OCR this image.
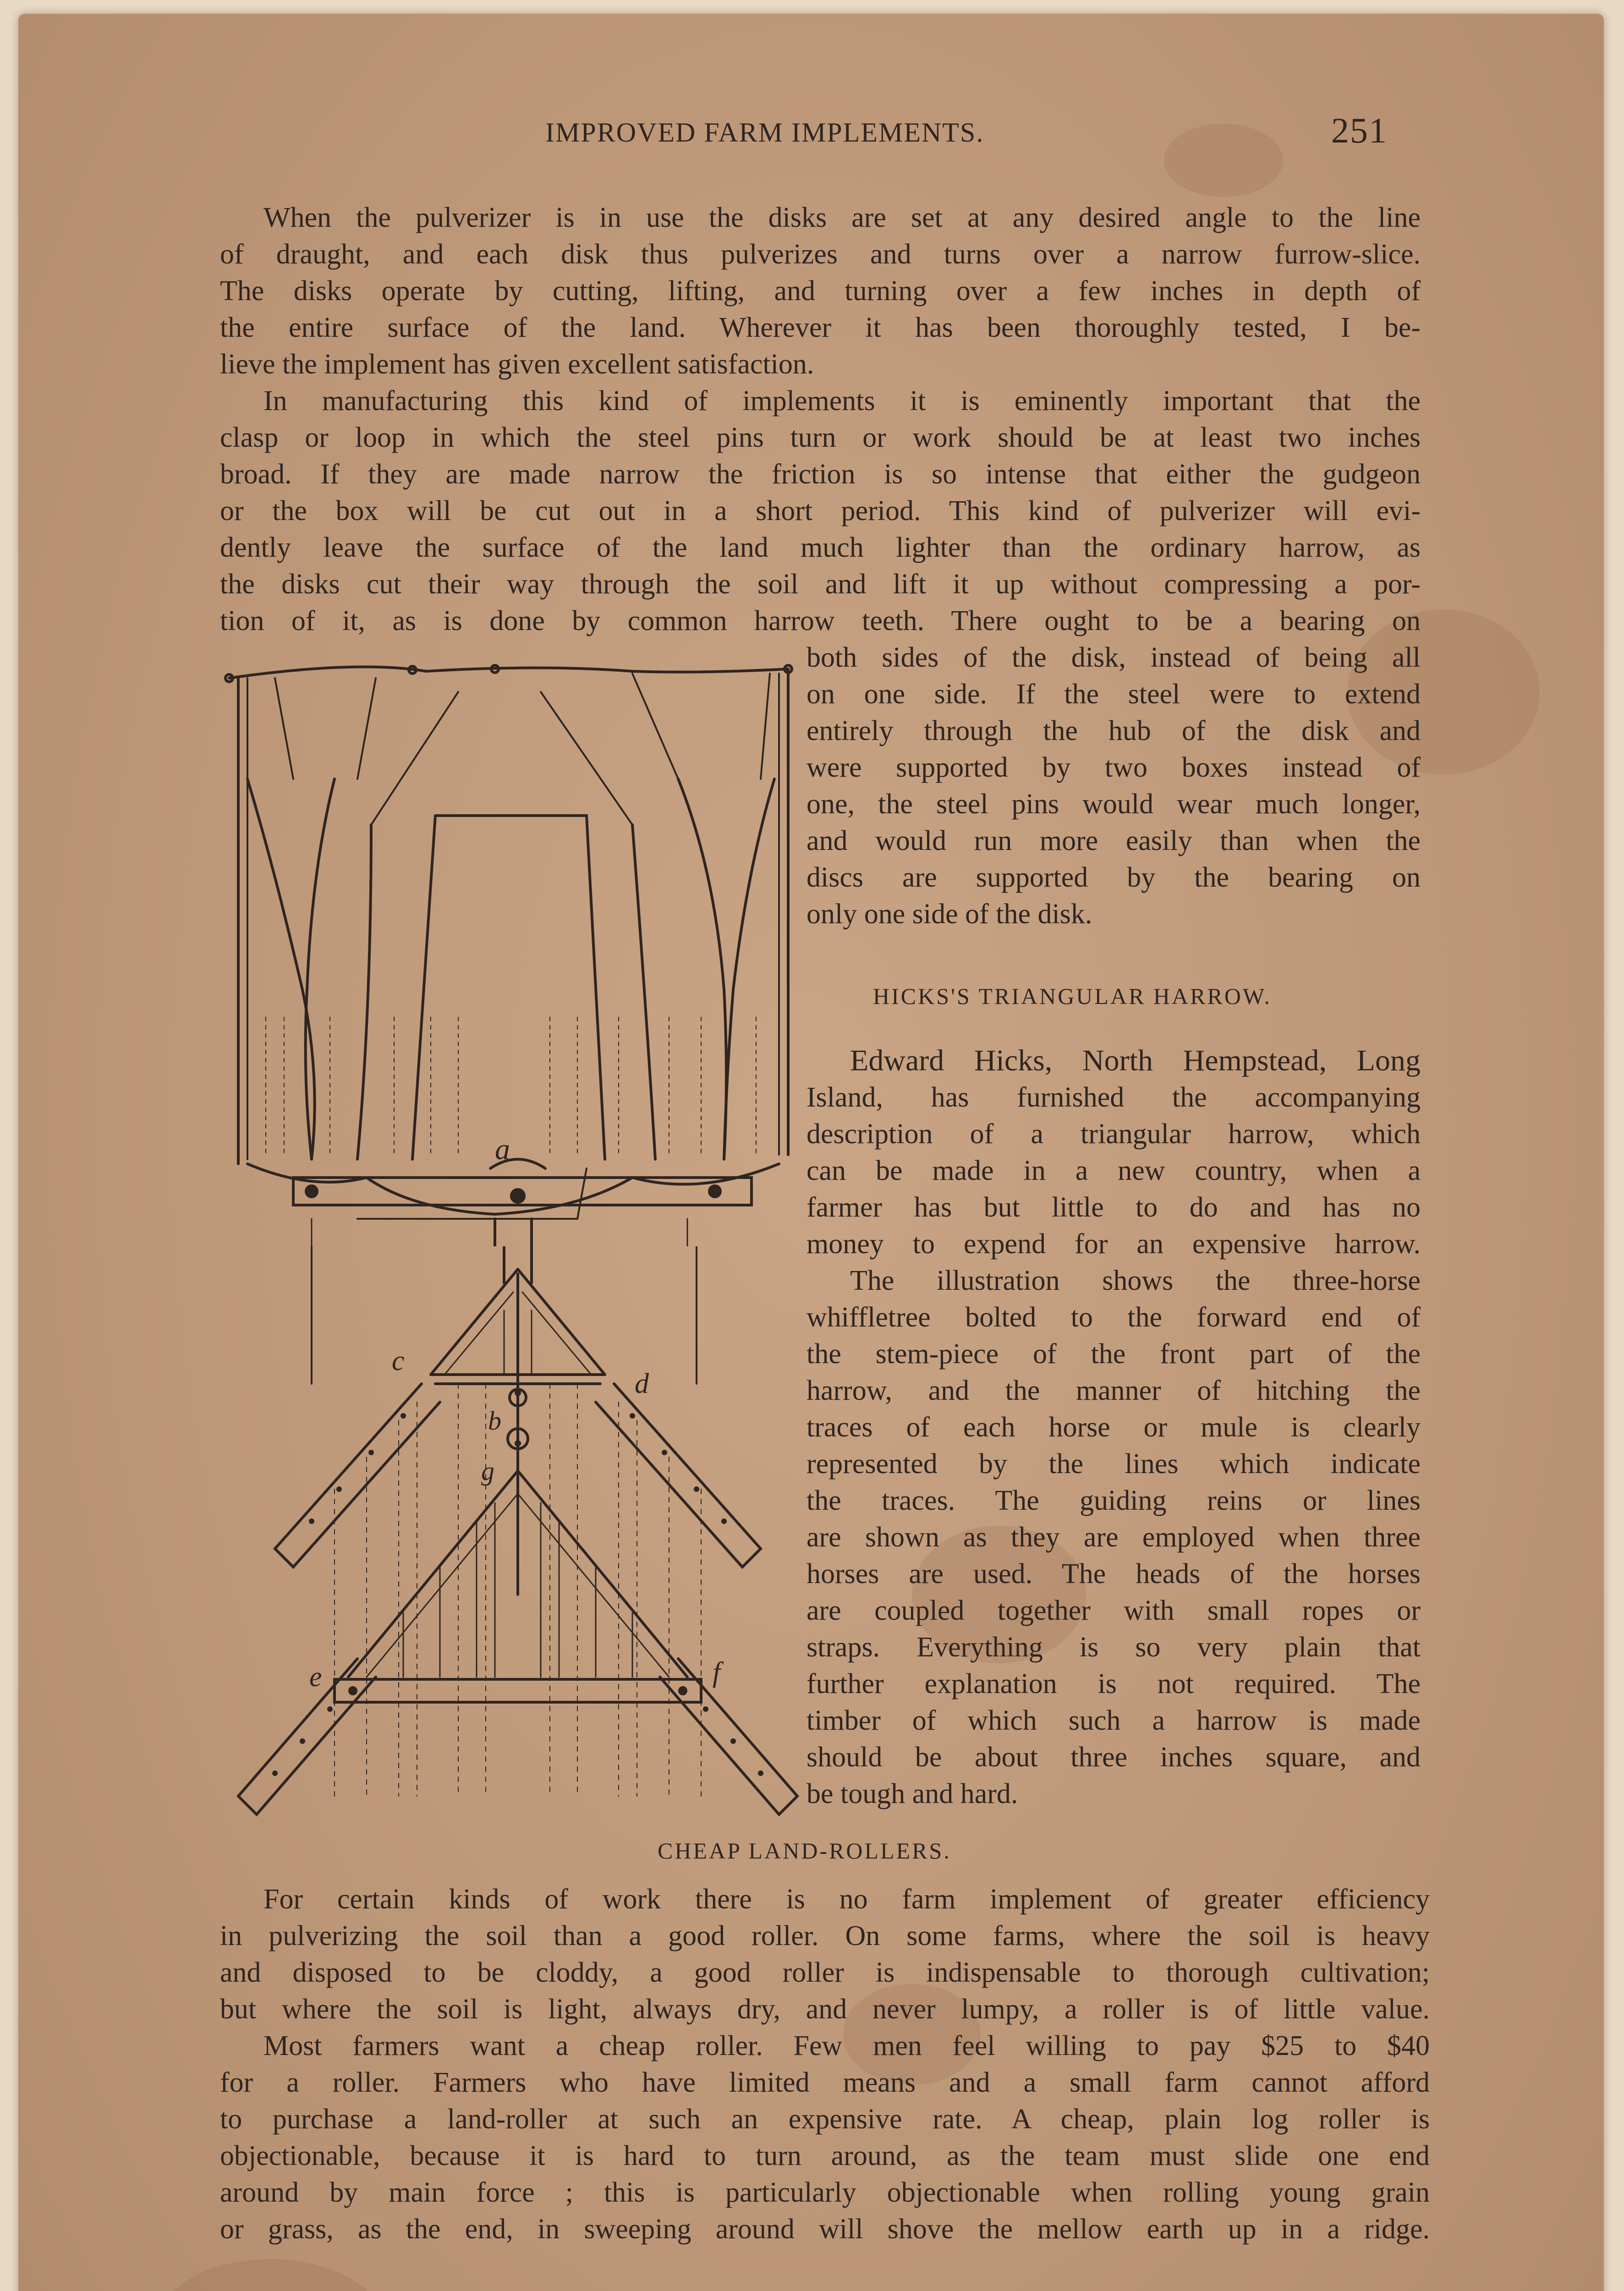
IMPROVED FARM IMPLEMENTS.	251
When the pulverizer is in use the disks are set at any desired angle to the line
of draught, and each disk thus pulverizes and turns over a narrow furrow-slice.
The disks operate by cutting, lifting, and turning over a few inches in depth of
the entire surface of the land. Wherever it has been thoroughly tested, I be-
lieve the implement has given excellent satisfaction.
In manufacturing this kind of implements it is eminently important that the
clasp or loop in which the steel pins turn or work should be at least two inches
broad. If they are made narrow the friction is so intense that either the gudgeon
or the box will be cut out in a short period. This kind of pulverizer will evi-
dently leave the surface of the land much lighter than the ordinary harrow, as
the disks cut their way through the soil and lift it up without compressing a por-
tion of it, as is done by common harrow teeth. There ought to be a bearing on
both sides of the disk, instead of being all
on one side. If the steel were to extend
entirely through the hub of the disk and
were supported by two boxes instead of
one, the steel pins would wear much longer,
and would run more easily than when the
discs are supported by the bearing on
only one side of the disk.
HICKS'S TRIANGULAR HARROW.
Edward Hicks, North Hempstead, Long
Island, has furnished the accompanying
description of a triangular harrow, which
can be made in a new country, when a
farmer has but little to do and has no
money to expend for an expensive harrow.
The illustration shows the three-horse
whiffletree bolted to the forward end of
the stem-piece of the front part of the
harrow, and the manner of hitching the
traces of each horse or mule is clearly
represented by the lines which indicate
the traces. The guiding reins or lines
are shown as they are employed when three
horses are used. The heads of the horses
are coupled together with small ropes or
straps. Everything is so very plain that
further explanation is not required. The
timber of which such a harrow is made
should be about three inches square, and
be tough and hard.
CHEAP LAND-ROLLERS.
For certain kinds of work there is no farm implement of greater efficiency
in pulverizing the soil than a good roller. On some farms, where the soil is heavy
and disposed to be cloddy, a good roller is indispensable to thorough cultivation;
but where the soil is light, always dry, and never lumpy, a roller is of little value.
Most farmers want a cheap roller. Few men feel willing to pay $25 to $40
for a roller. Farmers who have limited means and a small farm cannot afford
to purchase a land-roller at such an expensive rate. A cheap, plain log roller is
objectionable, because it is hard to turn around, as the team must slide one end
around by main force ; this is particularly objectionable when rolling young grain
or grass, as the end, in sweeping around will shove the mellow earth up in a ridge.
a
c
d
b
g
e	f
